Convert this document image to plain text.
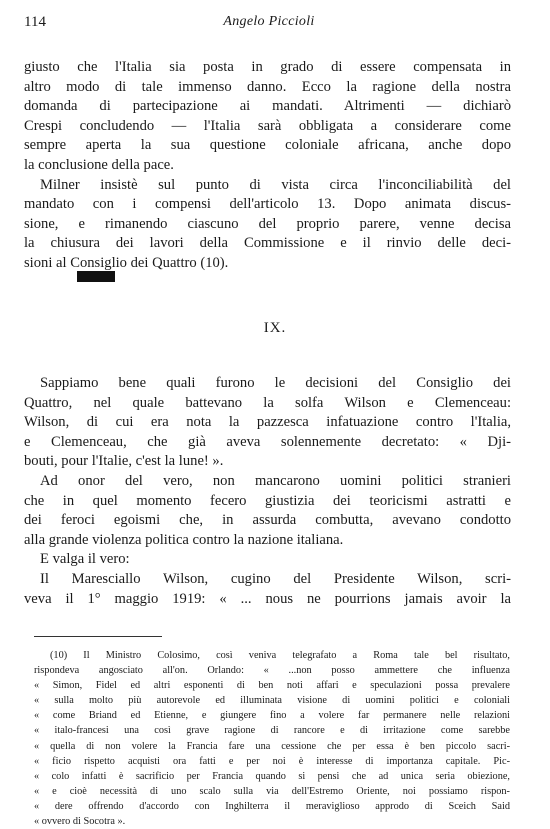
114	Angelo Piccioli
giusto che l'Italia sia posta in grado di essere compensata in
altro modo di tale immenso danno. Ecco la ragione della nostra
domanda di partecipazione ai mandati. Altrimenti — dichiarò
Crespi concludendo — l'Italia sarà obbligata a considerare come
sempre aperta la sua questione coloniale africana, anche dopo
la conclusione della pace.
Milner insistè sul punto di vista circa l'inconciliabilità del
mandato con i compensi dell'articolo 13. Dopo animata discus-
sione, e rimanendo ciascuno del proprio parere, venne decisa
la chiusura dei lavori della Commissione e il rinvio delle deci-
sioni al Consiglio dei Quattro (10).
IX.
Sappiamo bene quali furono le decisioni del Consiglio dei
Quattro, nel quale battevano la solfa Wilson e Clemenceau:
Wilson, di cui era nota la pazzesca infatuazione contro l'Italia,
e Clemenceau, che già aveva solennemente decretato: « Dji-
bouti, pour l'Italie, c'est la lune! ».
Ad onor del vero, non mancarono uomini politici stranieri
che in quel momento fecero giustizia dei teoricismi astratti e
dei feroci egoismi che, in assurda combutta, avevano condotto
alla grande violenza politica contro la nazione italiana.
E valga il vero:
Il Maresciallo Wilson, cugino del Presidente Wilson, scri-
veva il 1° maggio 1919: « ... nous ne pourrions jamais avoir la
(10) Il Ministro Colosimo, così veniva telegrafato a Roma tale bel risultato,
rispondeva angosciato all'on. Orlando: « ...non posso ammettere che influenza
« Simon, Fidel ed altri esponenti di ben noti affari e speculazioni possa prevalere
« sulla molto più autorevole ed illuminata visione di uomini politici e coloniali
« come Briand ed Etienne, e giungere fino a volere far permanere nelle relazioni
« italo-francesi una così grave ragione di rancore e di irritazione come sarebbe
« quella di non volere la Francia fare una cessione che per essa è ben piccolo sacri-
« ficio rispetto acquisti ora fatti e per noi è interesse di importanza capitale. Pic-
« colo infatti è sacrificio per Francia quando si pensi che ad unica seria obiezione,
« e cioè necessità di uno scalo sulla via dell'Estremo Oriente, noi possiamo rispon-
« dere offrendo d'accordo con Inghilterra il meraviglioso approdo di Sceich Said
« ovvero di Socotra ».
